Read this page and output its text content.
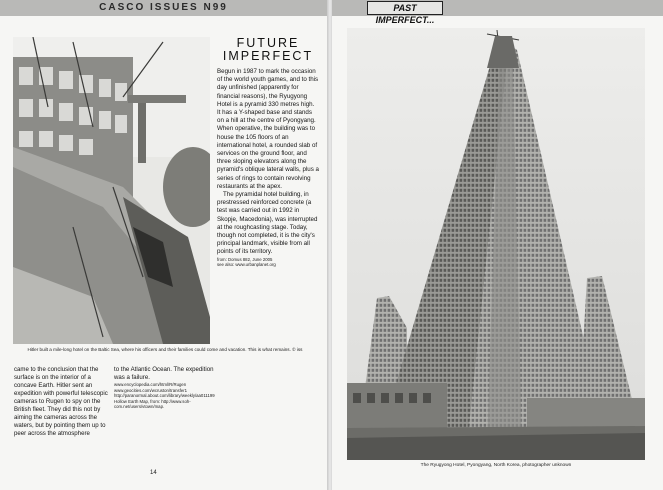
CASCO ISSUES N99
FUTURE
IMPERFECT

Begun in 1987 to mark the occasion of the world youth games, and to this day unfinished (apparently for financial reasons), the Ryugyong Hotel is a pyramid 330 metres high. It has a Y-shaped base and stands on a hill at the centre of Pyongyang. When operative, the building was to house the 105 floors of an international hotel, a rounded slab of services on the ground floor, and three sloping elevators along the pyramid's oblique lateral walls, plus a series of rings to contain revolving restaurants at the apex.

The pyramidal hotel building, in prestressed reinforced concrete (a test was carried out in 1992 in Skopje, Macedonia), was interrupted at the roughcasting stage. Today, though not completed, it is the city's principal landmark, visible from all points of its territory.

from: Domus 882, June 2005

see also: www.urbanplanet.org

Hitler built a mile-long hotel on the Baltic Sea, where his officers and their families could come and vacation. This is what remains. © iss

came to the conclusion that the surface is on the interior of a concave Earth. Hitler sent an expedition with powerful telescopic cameras to Rugen to spy on the British fleet. They did this not by aiming the cameras across the waters, but by pointing them up to peer across the atmosphere

to the Atlantic Ocean. The expedition was a failure.

www.encyclopedia.com/html/R/Rugen www.geocities.com/wcruston/transfer1 http://paranormal.about.com/library/weekly/aa011199 Hollow Earth Map, from: http://www.soh-com.net/users/vtown/map.

14
PAST IMPERFECT...
The Ryugyong Hotel, Pyongyang, North Korea, photographer unknown
